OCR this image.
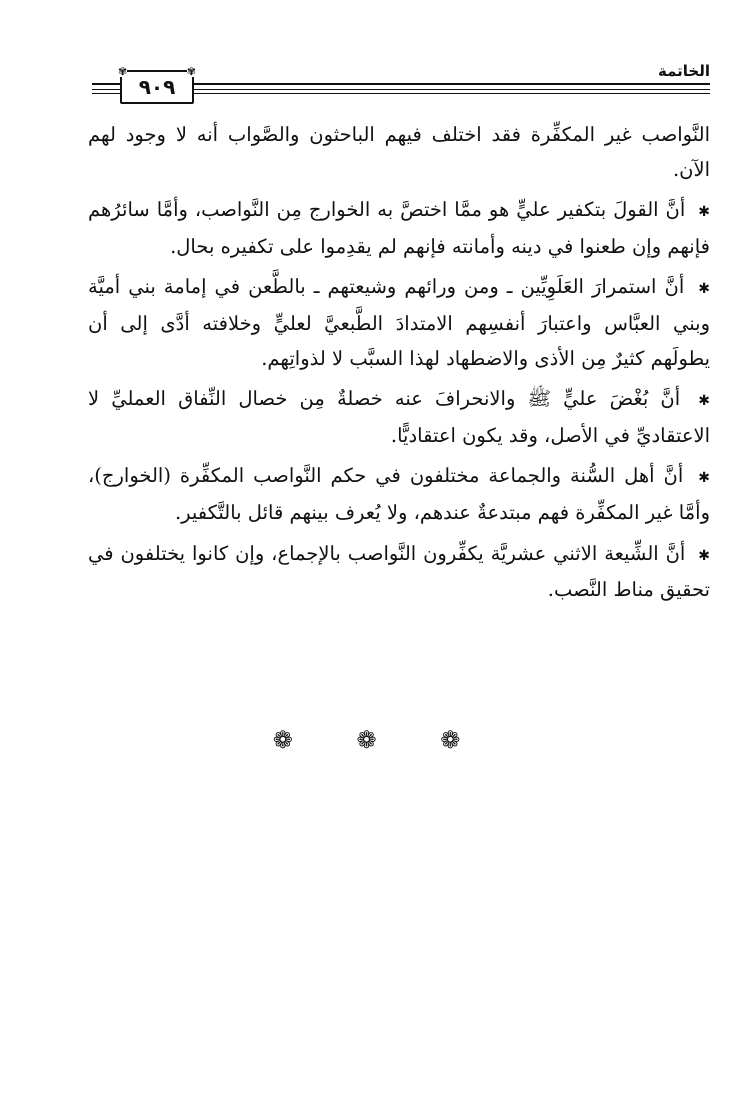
الخاتمة
✾
٩٠٩
✾

النَّواصب غير المكفِّرة فقد اختلف فيهم الباحثون والصَّواب أنه لا وجود لهم الآن.

✱ أنَّ القولَ بتكفير عليٍّ هو ممَّا اختصَّ به الخوارج مِن النَّواصب، وأمَّا سائرُهم فإنهم وإن طعنوا في دينه وأمانته فإنهم لم يقدِموا على تكفيره بحال.

✱ أنَّ استمرارَ العَلَوِيِّين ـ ومن ورائهم وشيعتهم ـ بالطَّعن في إمامة بني أميَّة وبني العبَّاس واعتبارَ أنفسِهم الامتدادَ الطَّبعيَّ لعليٍّ وخلافته أدَّى إلى أن يطولَهم كثيرٌ مِن الأذى والاضطهاد لهذا السبَّب لا لذواتِهم.

✱ أنَّ بُغْضَ عليٍّ ﷺ والانحرافَ عنه خصلةٌ مِن خصال النِّفاق العمليِّ لا الاعتقاديِّ في الأصل، وقد يكون اعتقاديًّا.

✱ أنَّ أهل السُّنة والجماعة مختلفون في حكم النَّواصب المكفِّرة (الخوارج)، وأمَّا غير المكفِّرة فهم مبتدعةٌ عندهم، ولا يُعرف بينهم قائل بالتَّكفير.

✱ أنَّ الشِّيعة الاثني عشريَّة يكفِّرون النَّواصب بالإجماع، وإن كانوا يختلفون في تحقيق مناط النَّصب.

❁ ❁ ❁
